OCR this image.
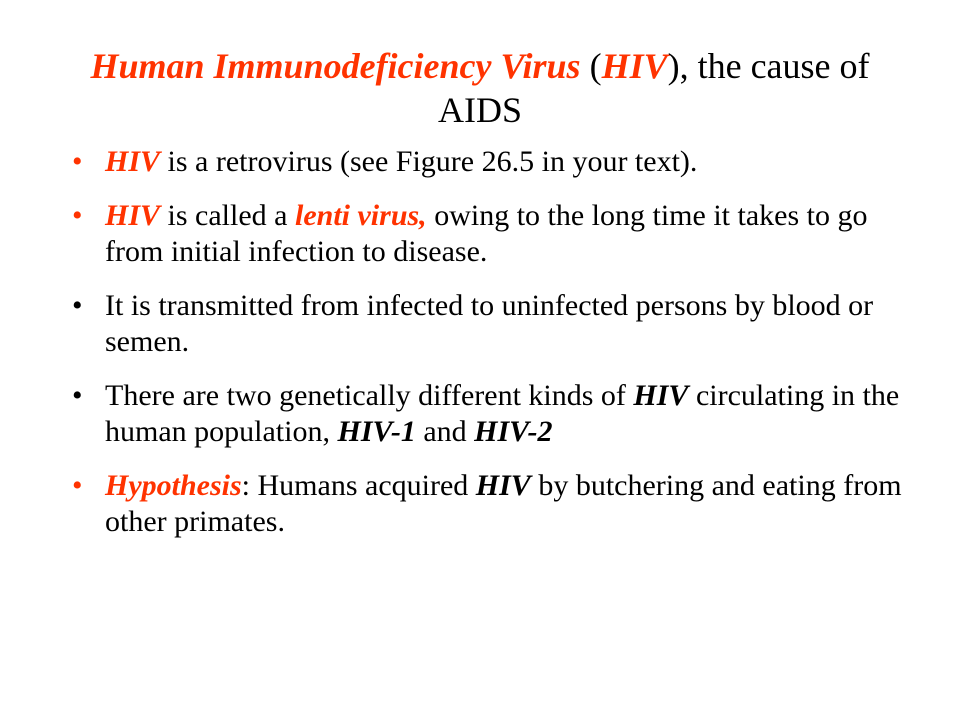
Human Immunodeficiency Virus (HIV), the cause of AIDS
• HIV is a retrovirus (see Figure 26.5 in your text).
• HIV is called a lenti virus, owing to the long time it takes to go from initial infection to disease.
• It is transmitted from infected to uninfected persons by blood or semen.
• There are two genetically different kinds of HIV circulating in the human population, HIV-1 and HIV-2
• Hypothesis: Humans acquired HIV by butchering and eating from other primates.
